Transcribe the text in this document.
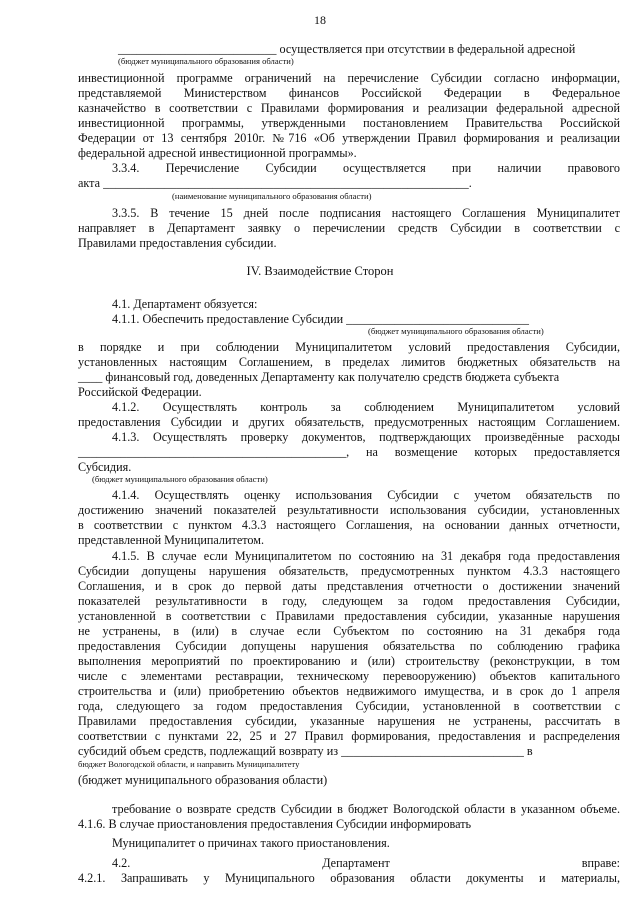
18
__________________________ осуществляется при отсутствии в федеральной адресной
(бюджет муниципального образования области)
инвестиционной программе ограничений на перечисление Субсидии согласно информации,
представляемой Министерством финансов Российской Федерации в Федеральное
казначейство в соответствии с Правилами формирования и реализации федеральной адресной
инвестиционной программы, утвержденными постановлением Правительства Российской
Федерации от 13 сентября 2010г. №716 «Об утверждении Правил формирования и реализации
федеральной адресной инвестиционной программы».
3.3.4. Перечисление Субсидии осуществляется при наличии правового
акта ____________________________________________________________.
(наименование муниципального образования области)
3.3.5. В течение 15 дней после подписания настоящего Соглашения Муниципалитет
направляет в Департамент заявку о перечислении средств Субсидии в соответствии с
Правилами предоставления субсидии.
IV. Взаимодействие Сторон
4.1. Департамент обязуется:
4.1.1. Обеспечить предоставление Субсидии ______________________________
(бюджет муниципального образования области)
в порядке и при соблюдении Муниципалитетом условий предоставления Субсидии,
установленных настоящим Соглашением, в пределах лимитов бюджетных обязательств на
____ финансовый год, доведенных Департаменту как получателю средств бюджета субъекта
Российской Федерации.
4.1.2. Осуществлять контроль за соблюдением Муниципалитетом условий
предоставления Субсидии и других обязательств, предусмотренных настоящим Соглашением.
4.1.3. Осуществлять проверку документов, подтверждающих произведённые расходы
____________________________________________, на возмещение которых предоставляется
Субсидия.
(бюджет муниципального образования области)
4.1.4. Осуществлять оценку использования Субсидии с учетом обязательств по
достижению значений показателей результативности использования субсидии, установленных
в соответствии с пунктом 4.3.3 настоящего Соглашения, на основании данных отчетности,
представленной Муниципалитетом.
4.1.5. В случае если Муниципалитетом по состоянию на 31 декабря года предоставления
Субсидии допущены нарушения обязательств, предусмотренных пунктом 4.3.3 настоящего
Соглашения, и в срок до первой даты представления отчетности о достижении значений
показателей результативности в году, следующем за годом предоставления Субсидии,
установленной в соответствии с Правилами предоставления субсидии, указанные нарушения
не устранены, в (или) в случае если Субъектом по состоянию на 31 декабря года
предоставления Субсидии допущены нарушения обязательства по соблюдению графика
выполнения мероприятий по проектированию и (или) строительству (реконструкции, в том
числе с элементами реставрации, техническому перевооружению) объектов капитального
строительства и (или) приобретению объектов недвижимого имущества, и в срок до 1 апреля
года, следующего за годом предоставления Субсидии, установленной в соответствии с
Правилами предоставления субсидии, указанные нарушения не устранены, рассчитать в
соответствии с пунктами 22, 25 и 27 Правил формирования, предоставления и распределения
субсидий объем средств, подлежащий возврату из ______________________________ в
бюджет Вологодской области, и направить Муниципалитету
(бюджет муниципального образования области)
требование о возврате средств Субсидии в бюджет Вологодской области в указанном объеме.
4.1.6. В случае приостановления предоставления Субсидии информировать
Муниципалитет о причинах такого приостановления.
4.2. Департамент вправе:
4.2.1. Запрашивать у Муниципального образования области документы и материалы,
